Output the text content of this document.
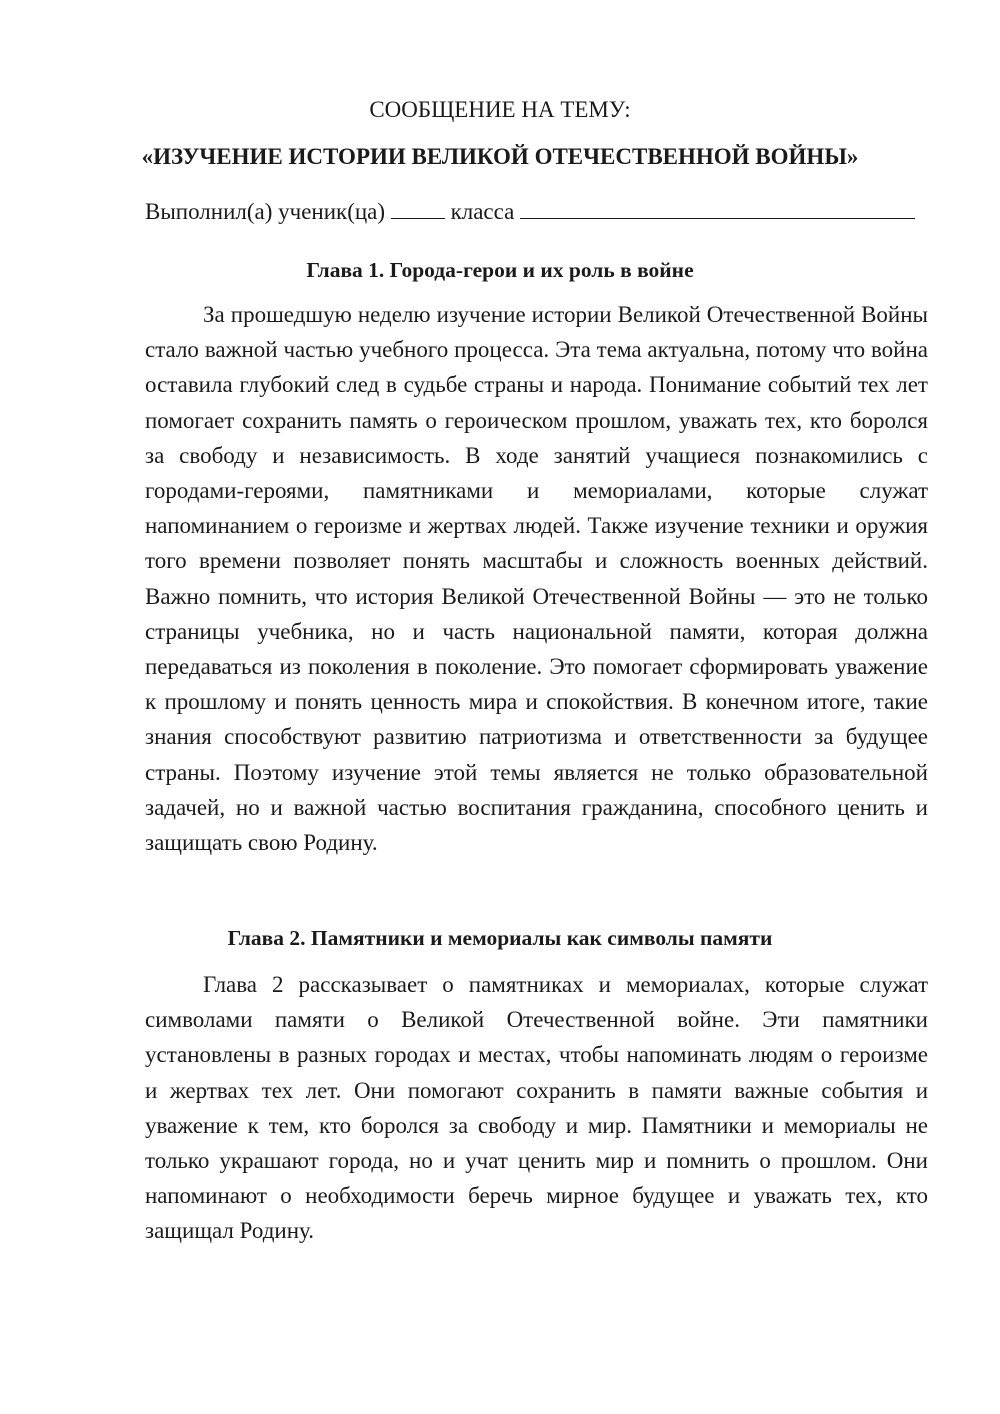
СООБЩЕНИЕ НА ТЕМУ:
«ИЗУЧЕНИЕ ИСТОРИИ ВЕЛИКОЙ ОТЕЧЕСТВЕННОЙ ВОЙНЫ»
Выполнил(а) ученик(ца)	класса
Глава 1. Города-герои и их роль в войне

За прошедшую неделю изучение истории Великой Отечественной Войны стало важной частью учебного процесса. Эта тема актуальна, потому что война оставила глубокий след в судьбе страны и народа. Понимание событий тех лет помогает сохранить память о героическом прошлом, уважать тех, кто боролся за свободу и независимость. В ходе занятий учащиеся познакомились с городами-героями, памятниками и мемориалами, которые служат напоминанием о героизме и жертвах людей. Также изучение техники и оружия того времени позволяет понять масштабы и сложность военных действий. Важно помнить, что история Великой Отечественной Войны — это не только страницы учебника, но и часть национальной памяти, которая должна передаваться из поколения в поколение. Это помогает сформировать уважение к прошлому и понять ценность мира и спокойствия. В конечном итоге, такие знания способствуют развитию патриотизма и ответственности за будущее страны. Поэтому изучение этой темы является не только образовательной задачей, но и важной частью воспитания гражданина, способного ценить и защищать свою Родину.

Глава 2. Памятники и мемориалы как символы памяти

Глава 2 рассказывает о памятниках и мемориалах, которые служат символами памяти о Великой Отечественной войне. Эти памятники установлены в разных городах и местах, чтобы напоминать людям о героизме и жертвах тех лет. Они помогают сохранить в памяти важные события и уважение к тем, кто боролся за свободу и мир. Памятники и мемориалы не только украшают города, но и учат ценить мир и помнить о прошлом. Они напоминают о необходимости беречь мирное будущее и уважать тех, кто защищал Родину.
